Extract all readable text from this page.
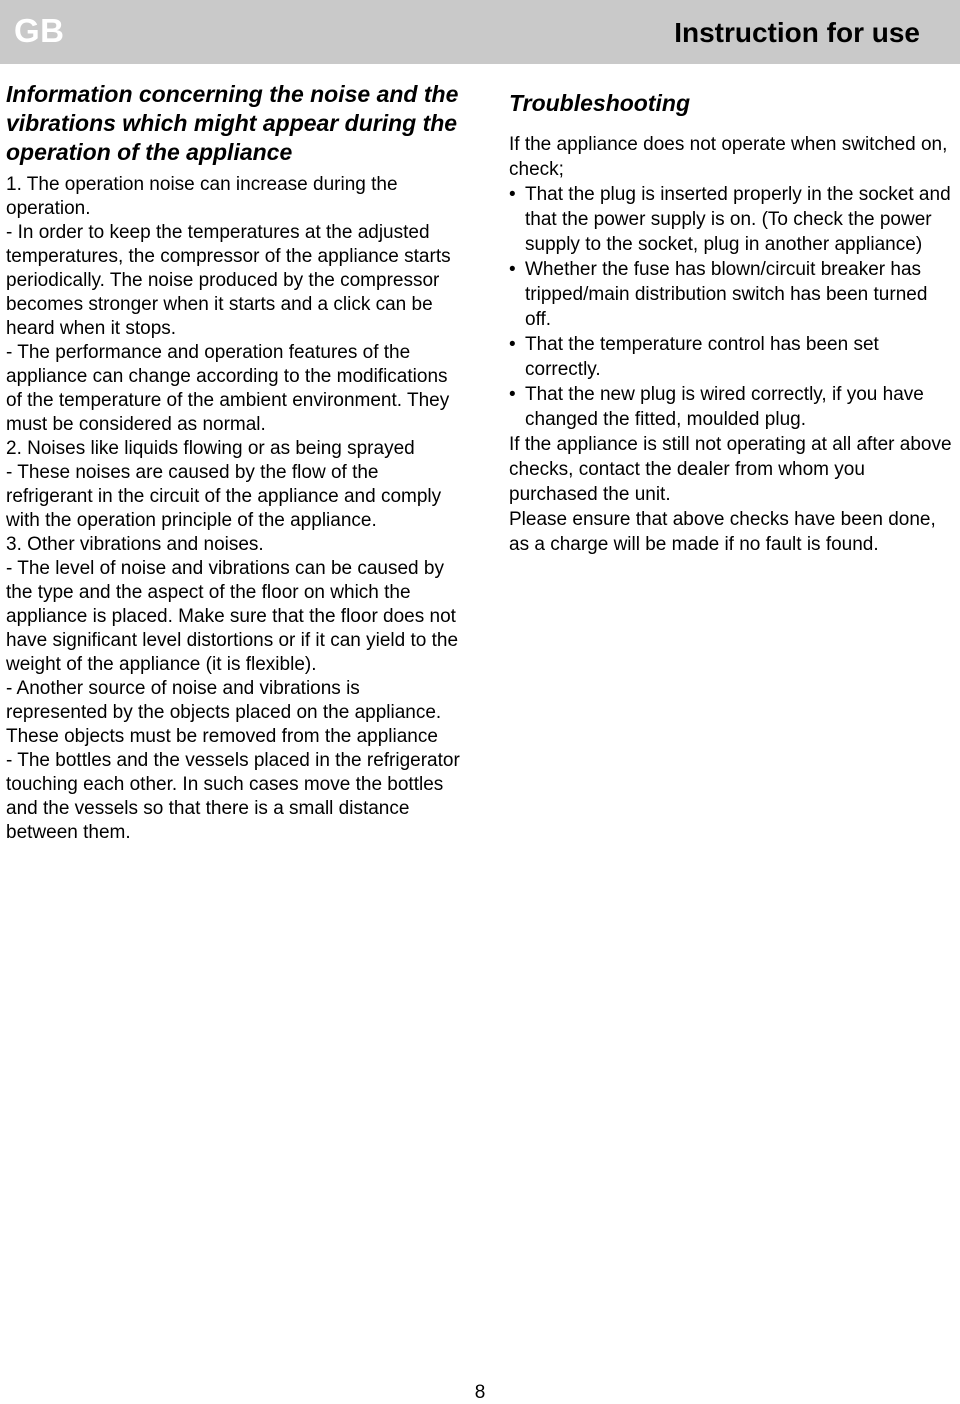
GB	Instruction for use

Information concerning the noise and the vibrations which might appear during the operation of the appliance

1. The operation noise can increase during the operation.

- In order to keep the temperatures at the adjusted temperatures, the compressor of the appliance starts periodically. The noise produced by the compressor becomes stronger when it starts and a click can be heard when it stops.

- The performance and operation features of the appliance can change according to the modifications of the temperature of the ambient environment. They must be considered as normal.

2. Noises like liquids flowing or as being sprayed

- These noises are caused by the flow of the refrigerant in the circuit of the appliance and comply with the operation principle of the appliance.

3. Other vibrations and noises.

- The level of noise and vibrations can be caused by the type and the aspect of the floor on which the appliance is placed. Make sure that the floor does not have significant level distortions or if it can yield to the weight of the appliance (it is flexible).

- Another source of noise and vibrations is represented by the objects placed on the appliance. These objects must be removed from the appliance

- The bottles and the vessels placed in the refrigerator touching each other. In such cases move the bottles and the vessels so that there is a small distance between them.

Troubleshooting

If the appliance does not operate when switched on, check;

• That the plug is inserted properly in the socket and that the power supply is on. (To check the power supply to the socket, plug in another appliance)
• Whether the fuse has blown/circuit breaker has tripped/main distribution switch has been turned off.
• That the temperature control has been set correctly.
• That the new plug is wired correctly, if you have changed the fitted, moulded plug.

If the appliance is still not operating at all after above checks, contact the dealer from whom you purchased the unit.

Please ensure that above checks have been done, as a charge will be made if no fault is found.

8
